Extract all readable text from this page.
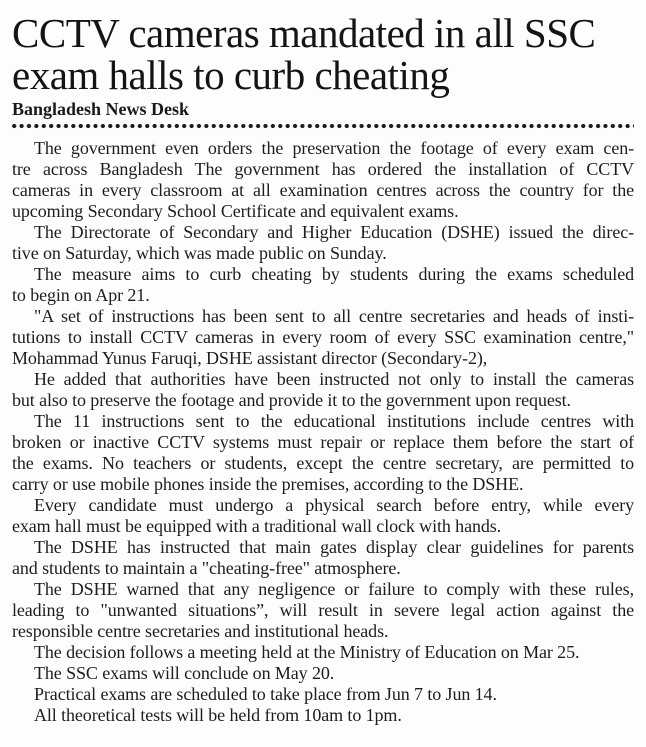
CCTV cameras mandated in all SSC
exam halls to curb cheating
Bangladesh News Desk
The government even orders the preservation the footage of every exam cen-
tre across Bangladesh The government has ordered the installation of CCTV
cameras in every classroom at all examination centres across the country for the
upcoming Secondary School Certificate and equivalent exams.
The Directorate of Secondary and Higher Education (DSHE) issued the direc-
tive on Saturday, which was made public on Sunday.
The measure aims to curb cheating by students during the exams scheduled
to begin on Apr 21.
"A set of instructions has been sent to all centre secretaries and heads of insti-
tutions to install CCTV cameras in every room of every SSC examination centre,"
Mohammad Yunus Faruqi, DSHE assistant director (Secondary-2),
He added that authorities have been instructed not only to install the cameras
but also to preserve the footage and provide it to the government upon request.
The 11 instructions sent to the educational institutions include centres with
broken or inactive CCTV systems must repair or replace them before the start of
the exams. No teachers or students, except the centre secretary, are permitted to
carry or use mobile phones inside the premises, according to the DSHE.
Every candidate must undergo a physical search before entry, while every
exam hall must be equipped with a traditional wall clock with hands.
The DSHE has instructed that main gates display clear guidelines for parents
and students to maintain a "cheating-free" atmosphere.
The DSHE warned that any negligence or failure to comply with these rules,
leading to "unwanted situations”, will result in severe legal action against the
responsible centre secretaries and institutional heads.
The decision follows a meeting held at the Ministry of Education on Mar 25.
The SSC exams will conclude on May 20.
Practical exams are scheduled to take place from Jun 7 to Jun 14.
All theoretical tests will be held from 10am to 1pm.
